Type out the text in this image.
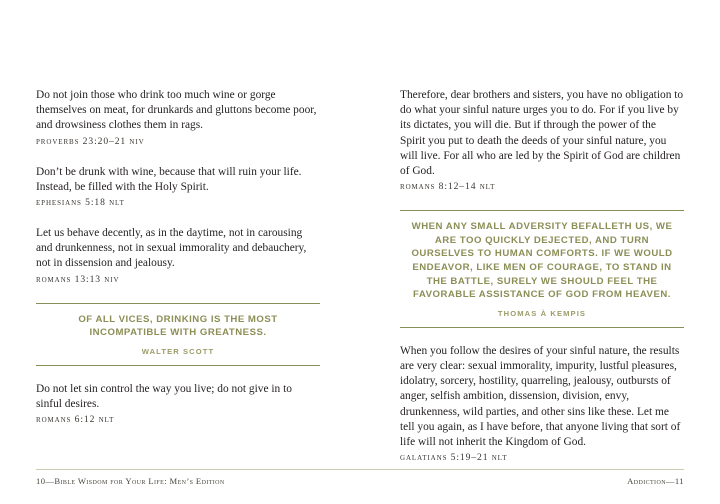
Do not join those who drink too much wine or gorge themselves on meat, for drunkards and gluttons become poor, and drowsiness clothes them in rags.

proverbs 23:20–21 niv

Don’t be drunk with wine, because that will ruin your life. Instead, be filled with the Holy Spirit.

ephesians 5:18 nlt

Let us behave decently, as in the daytime, not in carousing and drunkenness, not in sexual immorality and debauchery, not in dissension and jealousy.

romans 13:13 niv

OF ALL VICES, DRINKING IS THE MOST INCOMPATIBLE WITH GREATNESS.

WALTER SCOTT

Do not let sin control the way you live; do not give in to sinful desires.

romans 6:12 nlt

Therefore, dear brothers and sisters, you have no obligation to do what your sinful nature urges you to do. For if you live by its dictates, you will die. But if through the power of the Spirit you put to death the deeds of your sinful nature, you will live. For all who are led by the Spirit of God are children of God.

romans 8:12–14 nlt

WHEN ANY SMALL ADVERSITY BEFALLETH US, WE ARE TOO QUICKLY DEJECTED, AND TURN OURSELVES TO HUMAN COMFORTS. IF WE WOULD ENDEAVOR, LIKE MEN OF COURAGE, TO STAND IN THE BATTLE, SURELY WE SHOULD FEEL THE FAVORABLE ASSISTANCE OF GOD FROM HEAVEN.

THOMAS À KEMPIS

When you follow the desires of your sinful nature, the results are very clear: sexual immorality, impurity, lustful pleasures, idolatry, sorcery, hostility, quarreling, jealousy, outbursts of anger, selfish ambition, dissension, division, envy, drunkenness, wild parties, and other sins like these. Let me tell you again, as I have before, that anyone living that sort of life will not inherit the Kingdom of God.

galatians 5:19–21 nlt

10—Bible Wisdom for Your Life: Men’s Edition	Addiction—11
